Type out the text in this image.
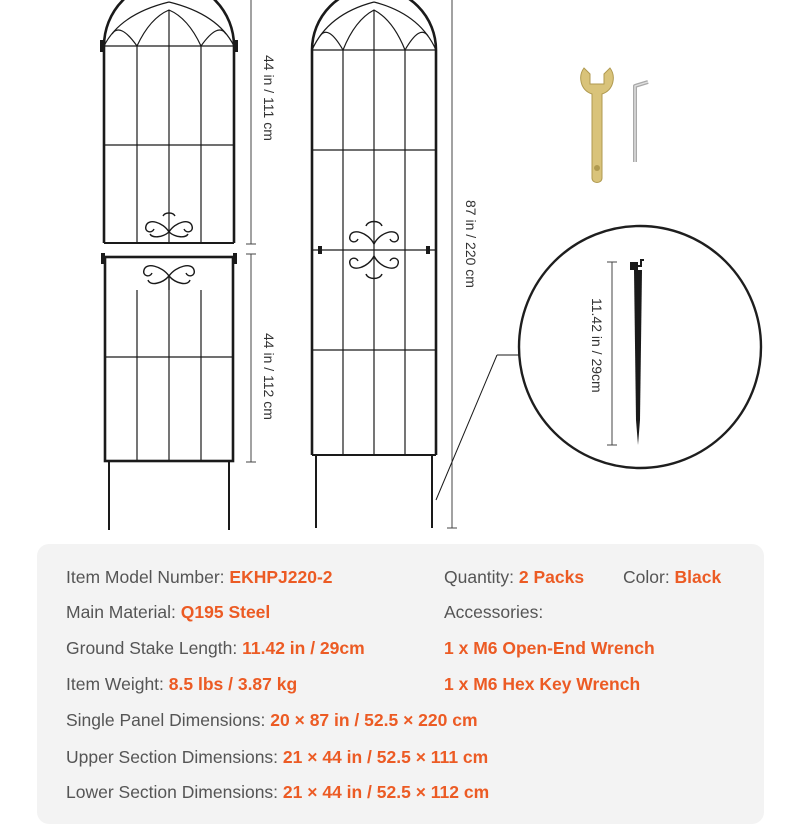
44 in / 111 cm
44 in / 112 cm
87 in / 220 cm
11.42 in / 29cm
Item Model Number: EKHPJ220-2
Main Material: Q195 Steel
Ground Stake Length: 11.42 in / 29cm
Item Weight: 8.5 lbs / 3.87 kg
Single Panel Dimensions: 20 × 87 in / 52.5 × 220 cm
Upper Section Dimensions: 21 × 44 in / 52.5 × 111 cm
Lower Section Dimensions: 21 × 44 in / 52.5 × 112 cm
Quantity: 2 Packs Color: Black
Accessories:
1 x M6 Open-End Wrench
1 x M6 Hex Key Wrench
